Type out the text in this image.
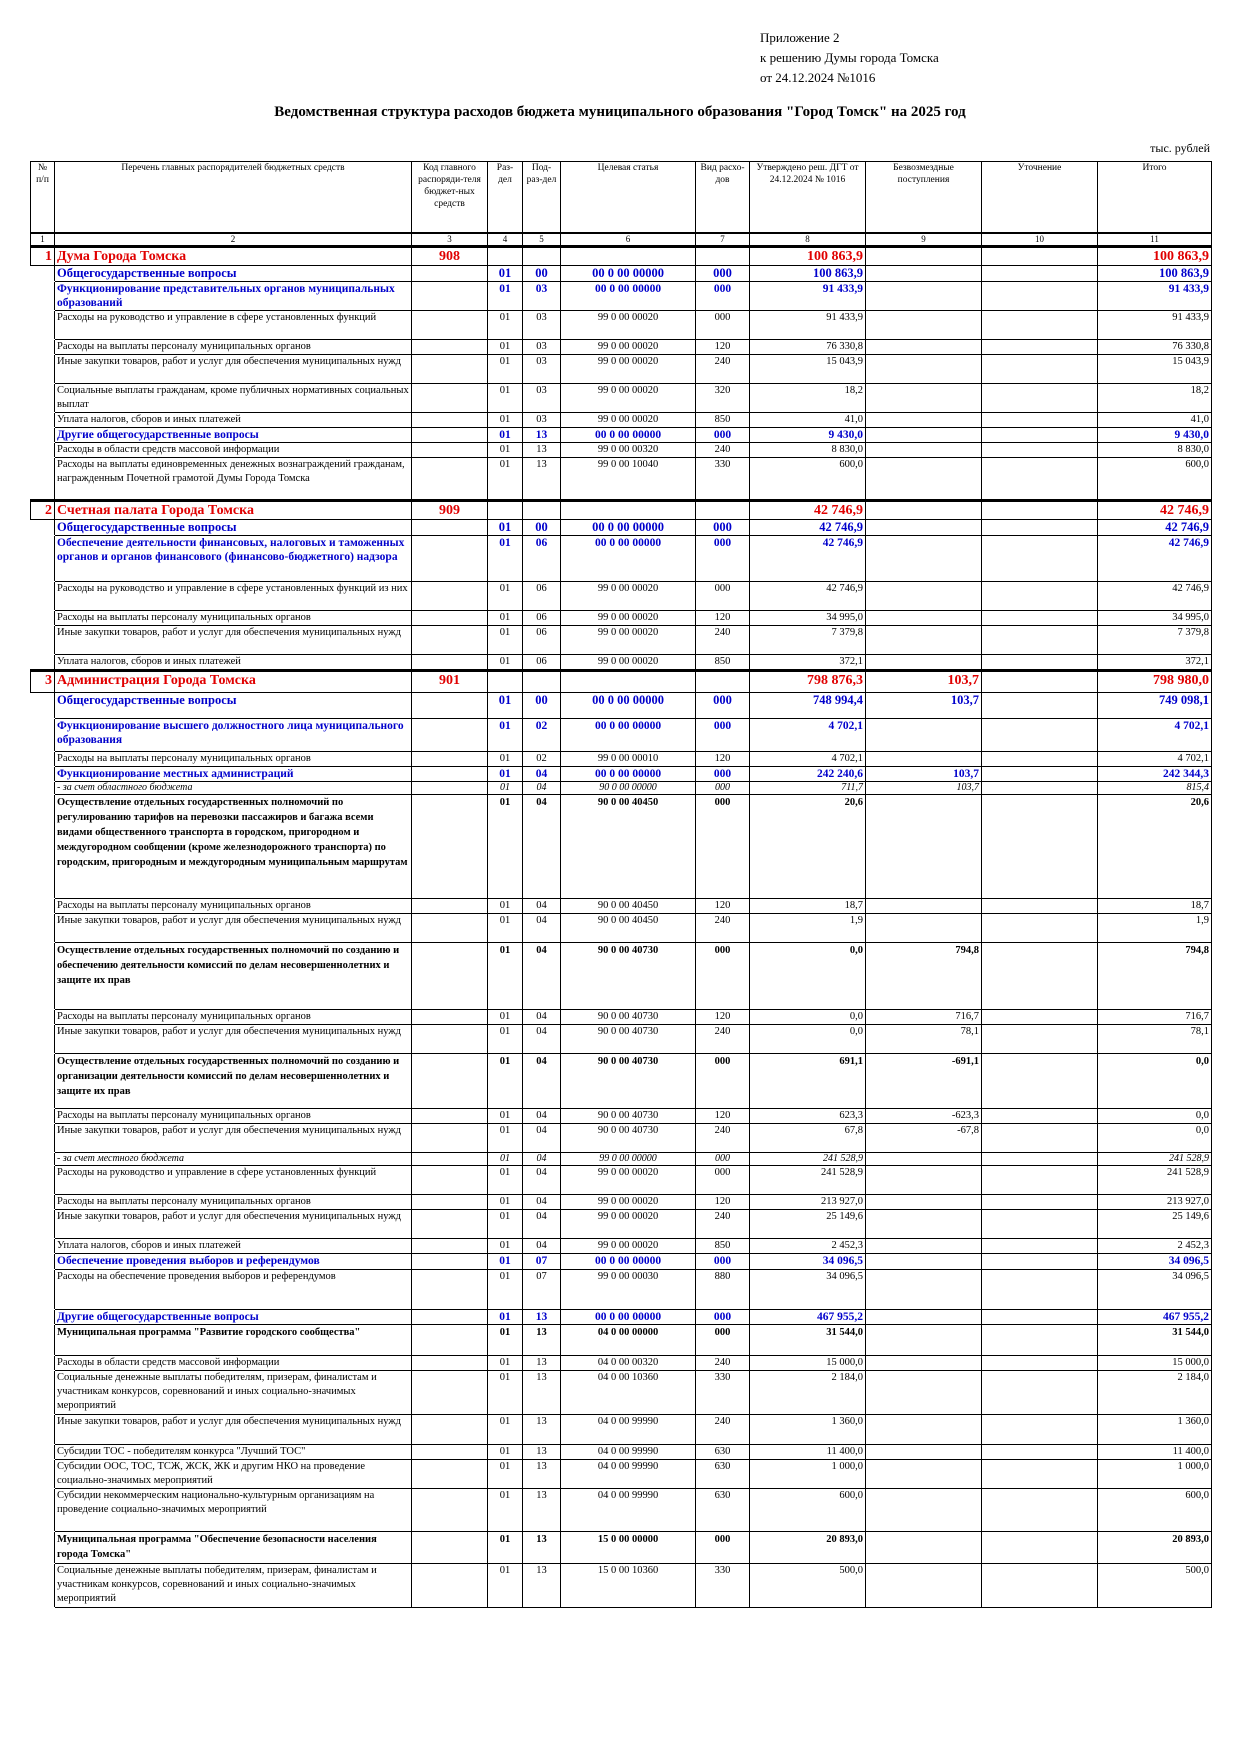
Приложение 2
к решению Думы города Томска
от 24.12.2024 №1016
Ведомственная структура расходов бюджета муниципального образования "Город Томск" на 2025 год
тыс. рублей
№ п/п	Перечень главных распорядителей бюджетных средств	Код главного распоряди-теля бюджет-ных средств	Раз-дел	Под-раз-дел	Целевая статья	Вид расхо-дов	Утверждено реш. ДГТ от 24.12.2024 № 1016	Безвозмездные поступления	Уточнение	Итого
1	2	3	4	5	6	7	8	9	10	11
1	Дума Города Томска	908					100 863,9			100 863,9
	Общегосударственные вопросы		01	00	00 0 00 00000	000	100 863,9			100 863,9
	Функционирование представительных органов муниципальных образований		01	03	00 0 00 00000	000	91 433,9			91 433,9
	Расходы на руководство и управление в сфере установленных функций		01	03	99 0 00 00020	000	91 433,9			91 433,9
	Расходы на выплаты персоналу муниципальных органов		01	03	99 0 00 00020	120	76 330,8			76 330,8
	Иные закупки товаров, работ и услуг для обеспечения муниципальных нужд		01	03	99 0 00 00020	240	15 043,9			15 043,9
	Социальные выплаты гражданам, кроме публичных нормативных социальных выплат		01	03	99 0 00 00020	320	18,2			18,2
	Уплата налогов, сборов и иных платежей		01	03	99 0 00 00020	850	41,0			41,0
	Другие общегосударственные вопросы		01	13	00 0 00 00000	000	9 430,0			9 430,0
	Расходы в области средств массовой информации		01	13	99 0 00 00320	240	8 830,0			8 830,0
	Расходы на выплаты единовременных денежных вознаграждений гражданам, награжденным Почетной грамотой Думы Города Томска		01	13	99 0 00 10040	330	600,0			600,0
2	Счетная палата Города Томска	909					42 746,9			42 746,9
	Общегосударственные вопросы		01	00	00 0 00 00000	000	42 746,9			42 746,9
	Обеспечение деятельности финансовых, налоговых и таможенных органов и органов финансового (финансово-бюджетного) надзора		01	06	00 0 00 00000	000	42 746,9			42 746,9
	Расходы на руководство и управление в сфере установленных функций из них		01	06	99 0 00 00020	000	42 746,9			42 746,9
	Расходы на выплаты персоналу муниципальных органов		01	06	99 0 00 00020	120	34 995,0			34 995,0
	Иные закупки товаров, работ и услуг для обеспечения муниципальных нужд		01	06	99 0 00 00020	240	7 379,8			7 379,8
	Уплата налогов, сборов и иных платежей		01	06	99 0 00 00020	850	372,1			372,1
3	Администрация Города Томска	901					798 876,3	103,7		798 980,0
	Общегосударственные вопросы		01	00	00 0 00 00000	000	748 994,4	103,7		749 098,1
	Функционирование высшего должностного лица муниципального образования		01	02	00 0 00 00000	000	4 702,1			4 702,1
	Расходы на выплаты персоналу муниципальных органов		01	02	99 0 00 00010	120	4 702,1			4 702,1
	Функционирование местных администраций		01	04	00 0 00 00000	000	242 240,6	103,7		242 344,3
	- за счет областного бюджета		01	04	90 0 00 00000	000	711,7	103,7		815,4
	Осуществление отдельных государственных полномочий по регулированию тарифов на перевозки пассажиров и багажа всеми видами общественного транспорта в городском, пригородном и междугородном сообщении (кроме железнодорожного транспорта) по городским, пригородным и междугородным муниципальным маршрутам		01	04	90 0 00 40450	000	20,6			20,6
	Расходы на выплаты персоналу муниципальных органов		01	04	90 0 00 40450	120	18,7			18,7
	Иные закупки товаров, работ и услуг для обеспечения муниципальных нужд		01	04	90 0 00 40450	240	1,9			1,9
	Осуществление отдельных государственных полномочий по созданию и обеспечению деятельности комиссий по делам несовершеннолетних и защите их прав		01	04	90 0 00 40730	000	0,0	794,8		794,8
	Расходы на выплаты персоналу муниципальных органов		01	04	90 0 00 40730	120	0,0	716,7		716,7
	Иные закупки товаров, работ и услуг для обеспечения муниципальных нужд		01	04	90 0 00 40730	240	0,0	78,1		78,1
	Осуществление отдельных государственных полномочий по созданию и организации деятельности комиссий по делам несовершеннолетних и защите их прав		01	04	90 0 00 40730	000	691,1	-691,1		0,0
	Расходы на выплаты персоналу муниципальных органов		01	04	90 0 00 40730	120	623,3	-623,3		0,0
	Иные закупки товаров, работ и услуг для обеспечения муниципальных нужд		01	04	90 0 00 40730	240	67,8	-67,8		0,0
	- за счет местного бюджета		01	04	99 0 00 00000	000	241 528,9			241 528,9
	Расходы на руководство и управление в сфере установленных функций		01	04	99 0 00 00020	000	241 528,9			241 528,9
	Расходы на выплаты персоналу муниципальных органов		01	04	99 0 00 00020	120	213 927,0			213 927,0
	Иные закупки товаров, работ и услуг для обеспечения муниципальных нужд		01	04	99 0 00 00020	240	25 149,6			25 149,6
	Уплата налогов, сборов и иных платежей		01	04	99 0 00 00020	850	2 452,3			2 452,3
	Обеспечение проведения выборов и референдумов		01	07	00 0 00 00000	000	34 096,5			34 096,5
	Расходы на обеспечение проведения выборов и референдумов		01	07	99 0 00 00030	880	34 096,5			34 096,5
	Другие общегосударственные вопросы		01	13	00 0 00 00000	000	467 955,2			467 955,2
	Муниципальная программа "Развитие городского сообщества"		01	13	04 0 00 00000	000	31 544,0			31 544,0
	Расходы в области средств массовой информации		01	13	04 0 00 00320	240	15 000,0			15 000,0
	Социальные денежные выплаты победителям, призерам, финалистам и участникам конкурсов, соревнований и иных социально-значимых мероприятий		01	13	04 0 00 10360	330	2 184,0			2 184,0
	Иные закупки товаров, работ и услуг для обеспечения муниципальных нужд		01	13	04 0 00 99990	240	1 360,0			1 360,0
	Субсидии ТОС - победителям конкурса "Лучший ТОС"		01	13	04 0 00 99990	630	11 400,0			11 400,0
	Субсидии ООС, ТОС, ТСЖ, ЖСК, ЖК и другим НКО на проведение социально-значимых мероприятий		01	13	04 0 00 99990	630	1 000,0			1 000,0
	Субсидии некоммерческим национально-культурным организациям на проведение социально-значимых мероприятий		01	13	04 0 00 99990	630	600,0			600,0
	Муниципальная программа "Обеспечение безопасности населения города Томска"		01	13	15 0 00 00000	000	20 893,0			20 893,0
	Социальные денежные выплаты победителям, призерам, финалистам и участникам конкурсов, соревнований и иных социально-значимых мероприятий		01	13	15 0 00 10360	330	500,0			500,0
